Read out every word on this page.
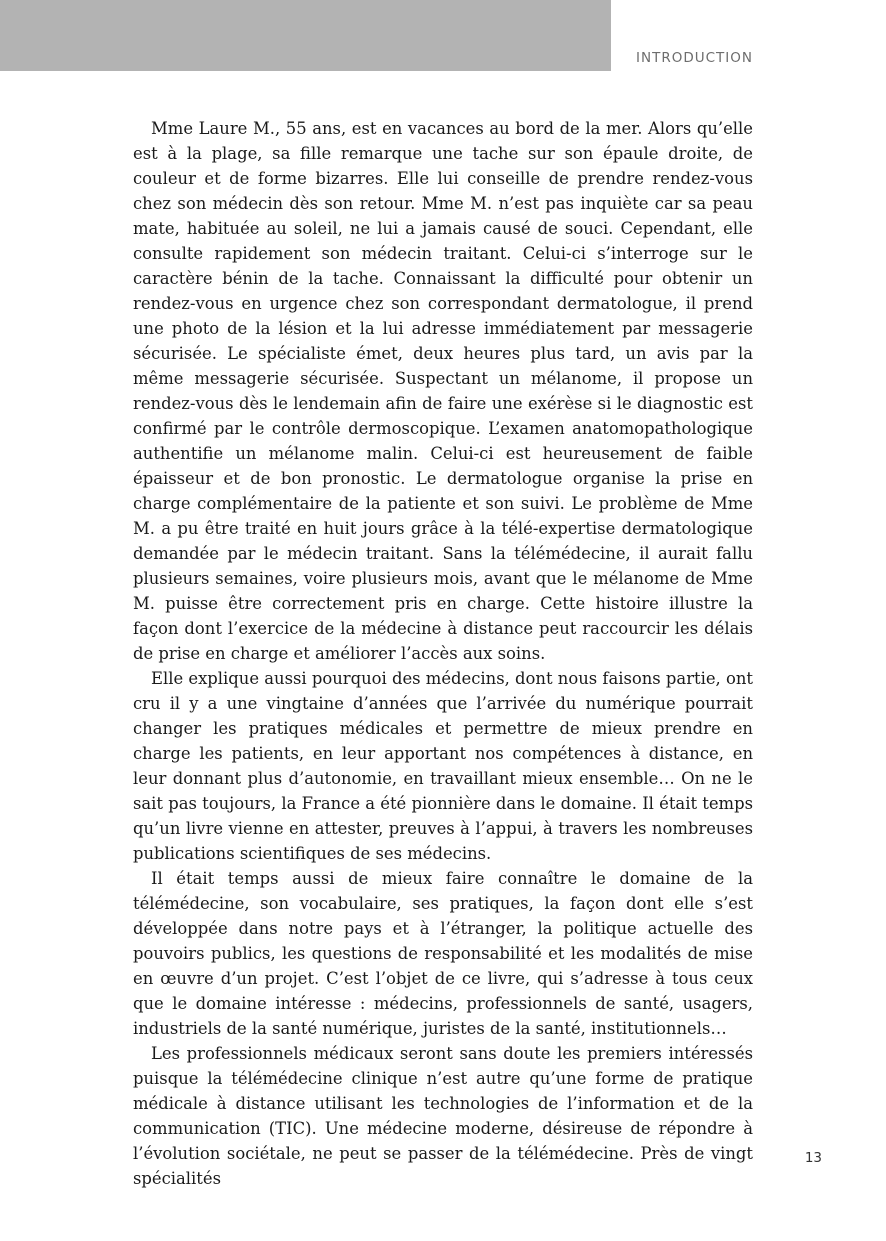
INTRODUCTION

Mme Laure M., 55 ans, est en vacances au bord de la mer. Alors qu’elle est à la plage, sa fille remarque une tache sur son épaule droite, de couleur et de forme bizarres. Elle lui conseille de prendre rendez-vous chez son médecin dès son retour. Mme M. n’est pas inquiète car sa peau mate, habituée au soleil, ne lui a jamais causé de souci. Cependant, elle consulte rapidement son médecin traitant. Celui-ci s’interroge sur le caractère bénin de la tache. Connaissant la difficulté pour obtenir un rendez-vous en urgence chez son correspondant dermatologue, il prend une photo de la lésion et la lui adresse immédiatement par messagerie sécurisée. Le spécialiste émet, deux heures plus tard, un avis par la même messagerie sécurisée. Suspectant un mélanome, il propose un rendez-vous dès le lendemain afin de faire une exérèse si le diagnostic est confirmé par le contrôle dermoscopique. L’examen anatomopathologique authentifie un mélanome malin. Celui-ci est heureusement de faible épaisseur et de bon pronostic. Le dermatologue organise la prise en charge complémentaire de la patiente et son suivi. Le problème de Mme M. a pu être traité en huit jours grâce à la télé-expertise dermatologique demandée par le médecin traitant. Sans la télémédecine, il aurait fallu plusieurs semaines, voire plusieurs mois, avant que le mélanome de Mme M. puisse être correctement pris en charge. Cette histoire illustre la façon dont l’exercice de la médecine à distance peut raccourcir les délais de prise en charge et améliorer l’accès aux soins.

Elle explique aussi pourquoi des médecins, dont nous faisons partie, ont cru il y a une vingtaine d’années que l’arrivée du numérique pourrait changer les pratiques médicales et permettre de mieux prendre en charge les patients, en leur apportant nos compétences à distance, en leur donnant plus d’autonomie, en travaillant mieux ensemble… On ne le sait pas toujours, la France a été pionnière dans le domaine. Il était temps qu’un livre vienne en attester, preuves à l’appui, à travers les nombreuses publications scientifiques de ses médecins.

Il était temps aussi de mieux faire connaître le domaine de la télémédecine, son vocabulaire, ses pratiques, la façon dont elle s’est développée dans notre pays et à l’étranger, la politique actuelle des pouvoirs publics, les questions de responsabilité et les modalités de mise en œuvre d’un projet. C’est l’objet de ce livre, qui s’adresse à tous ceux que le domaine intéresse : médecins, professionnels de santé, usagers, industriels de la santé numérique, juristes de la santé, institutionnels…

Les professionnels médicaux seront sans doute les premiers intéressés puisque la télémédecine clinique n’est autre qu’une forme de pratique médicale à distance utilisant les technologies de l’information et de la communication (TIC). Une médecine moderne, désireuse de répondre à l’évolution sociétale, ne peut se passer de la télémédecine. Près de vingt spécialités

13
